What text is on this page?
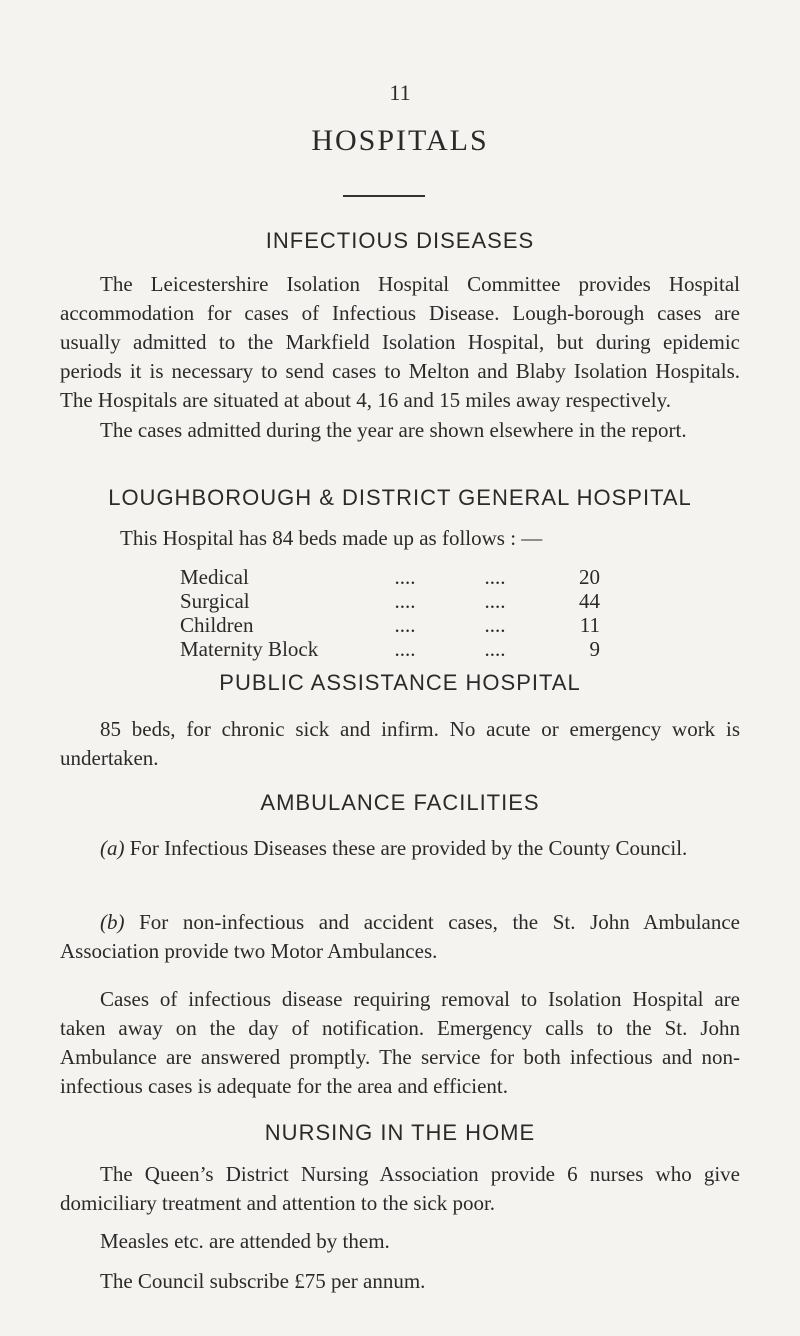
11
HOSPITALS
INFECTIOUS DISEASES

The Leicestershire Isolation Hospital Committee provides Hospital accommodation for cases of Infectious Disease. Lough-borough cases are usually admitted to the Markfield Isolation Hospital, but during epidemic periods it is necessary to send cases to Melton and Blaby Isolation Hospitals. The Hospitals are situated at about 4, 16 and 15 miles away respectively.

The cases admitted during the year are shown elsewhere in the report.

LOUGHBOROUGH & DISTRICT GENERAL HOSPITAL

This Hospital has 84 beds made up as follows : —

Medical	....	....	20
Surgical	....	....	44
Children	....	....	11
Maternity Block	....	....	9
PUBLIC ASSISTANCE HOSPITAL

85 beds, for chronic sick and infirm. No acute or emergency work is undertaken.

AMBULANCE FACILITIES

(a) For Infectious Diseases these are provided by the County Council.

(b) For non-infectious and accident cases, the St. John Ambulance Association provide two Motor Ambulances.

Cases of infectious disease requiring removal to Isolation Hospital are taken away on the day of notification. Emergency calls to the St. John Ambulance are answered promptly. The service for both infectious and non-infectious cases is adequate for the area and efficient.

NURSING IN THE HOME

The Queen’s District Nursing Association provide 6 nurses who give domiciliary treatment and attention to the sick poor.

Measles etc. are attended by them.

The Council subscribe £75 per annum.
